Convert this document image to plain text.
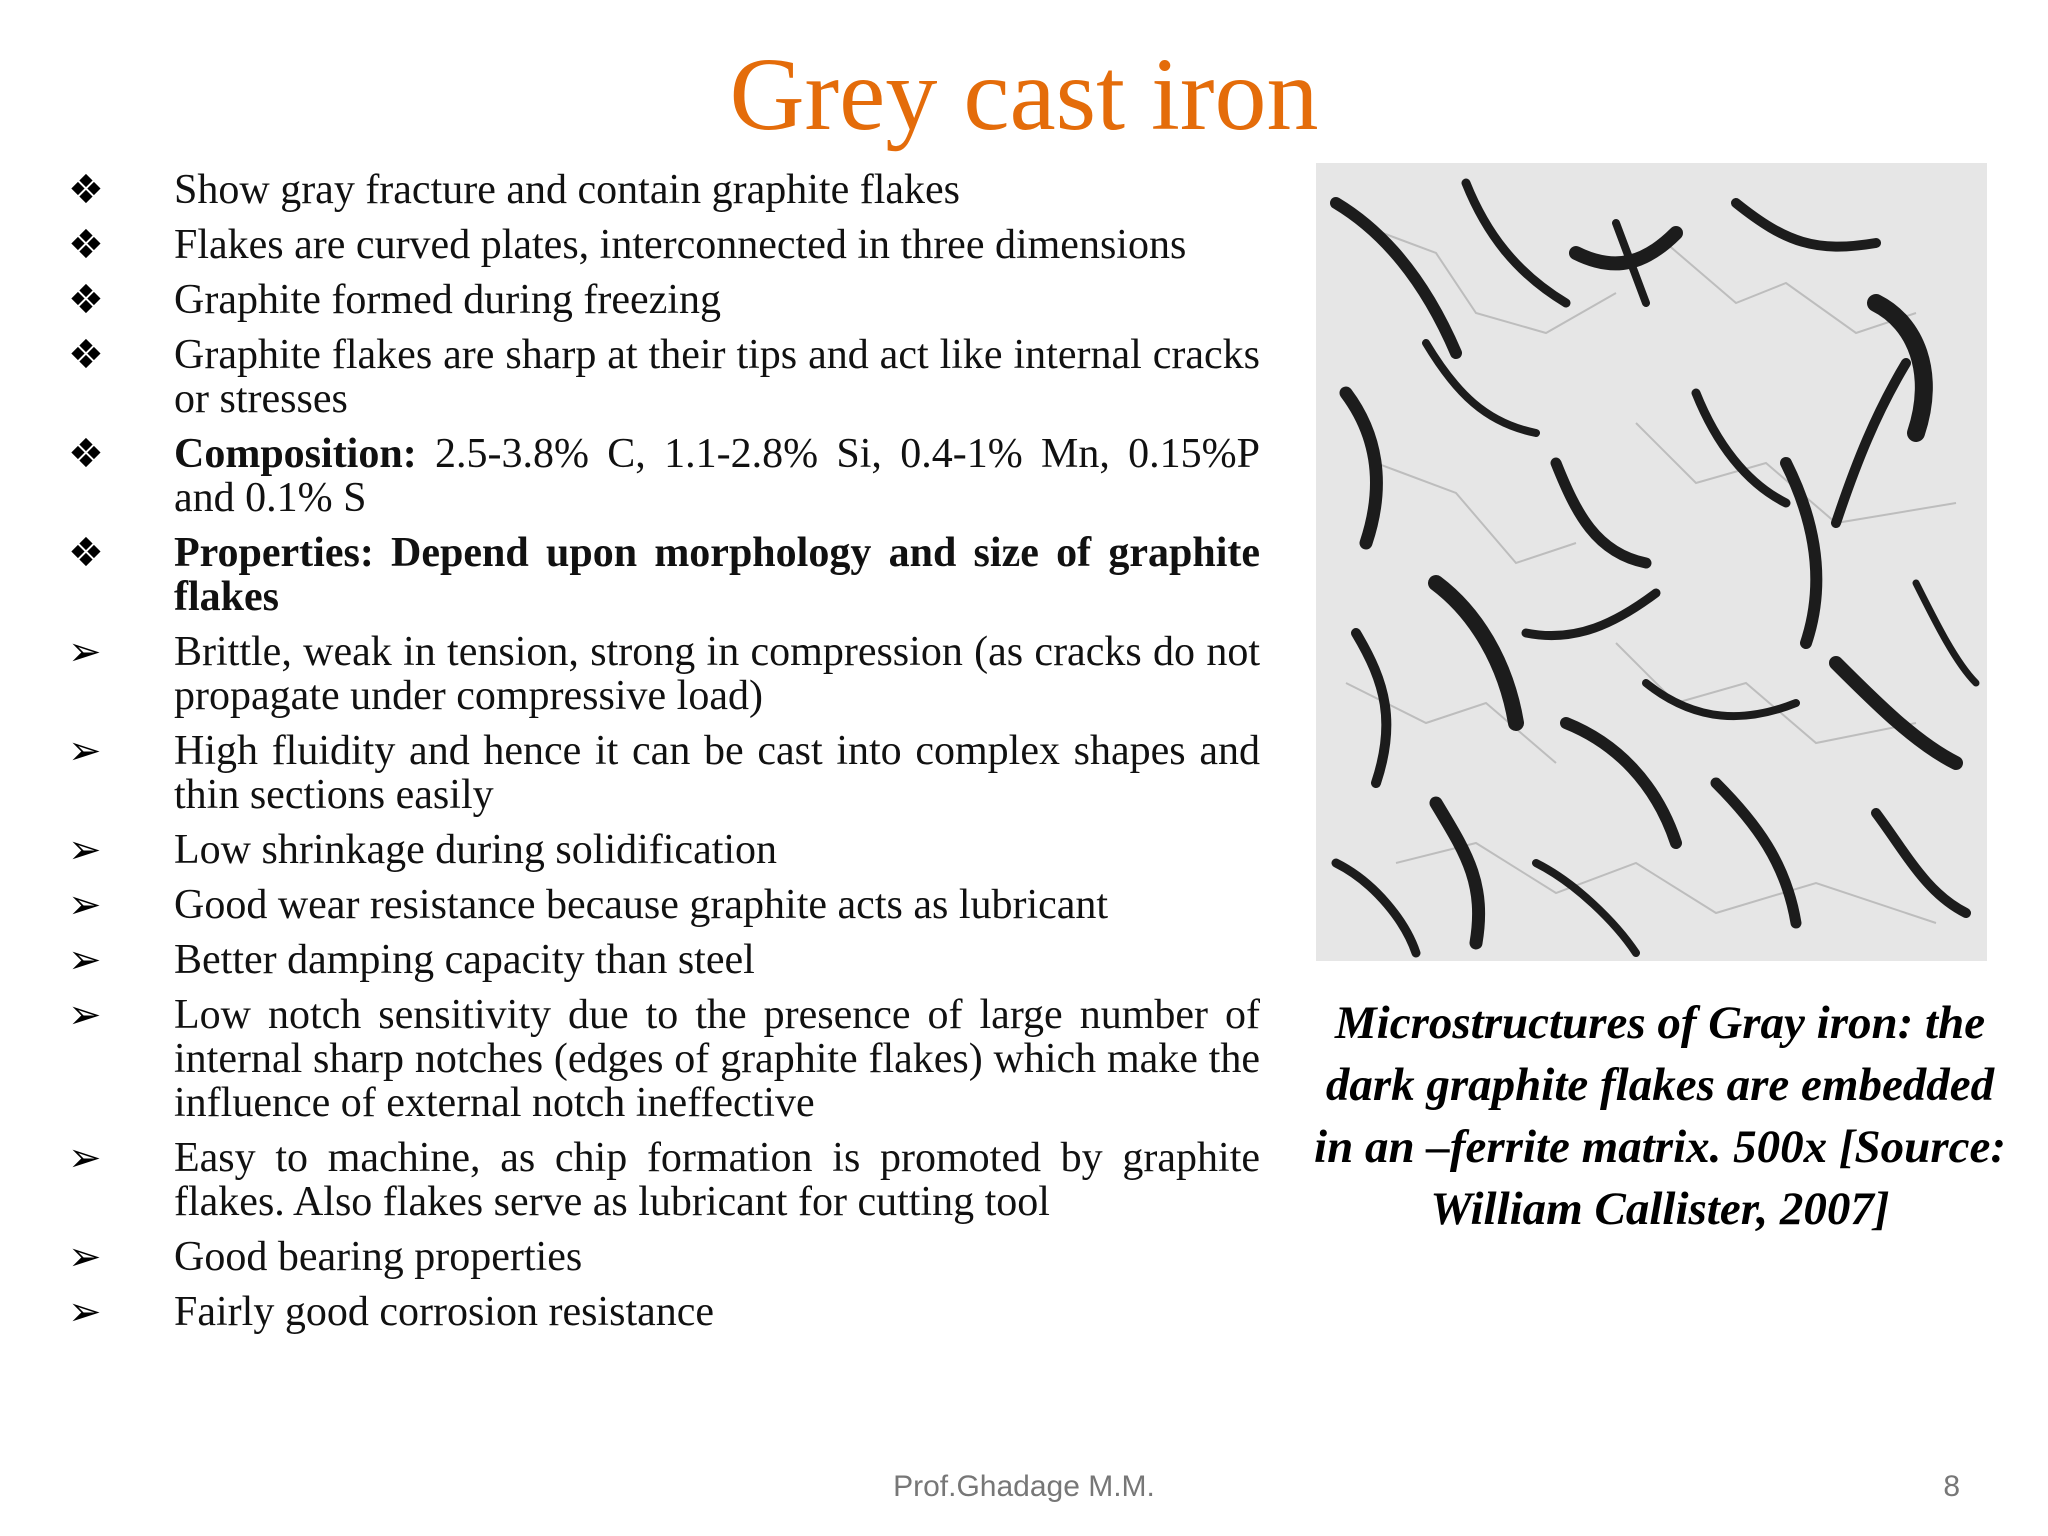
Grey cast iron
❖	Show gray fracture and contain graphite flakes
❖	Flakes are curved plates, interconnected in three dimensions
❖	Graphite formed during freezing
❖	Graphite flakes are sharp at their tips and act like internal cracks or stresses
❖	Composition: 2.5-3.8% C, 1.1-2.8% Si, 0.4-1% Mn, 0.15%P and 0.1% S
❖	Properties: Depend upon morphology and size of graphite flakes
➢	Brittle, weak in tension, strong in compression (as cracks do not propagate under compressive load)
➢	High fluidity and hence it can be cast into complex shapes and thin sections easily
➢	Low shrinkage during solidification
➢	Good wear resistance because graphite acts as lubricant
➢	Better damping capacity than steel
➢	Low notch sensitivity due to the presence of large number of internal sharp notches (edges of graphite flakes) which make the influence of external notch ineffective
➢	Easy to machine, as chip formation is promoted by graphite flakes. Also flakes serve as lubricant for cutting tool
➢	Good bearing properties
➢	Fairly good corrosion resistance
Microstructures of Gray iron: the dark graphite flakes are embedded in an –ferrite matrix. 500x [Source: William Callister, 2007]
Prof.Ghadage M.M.	8
